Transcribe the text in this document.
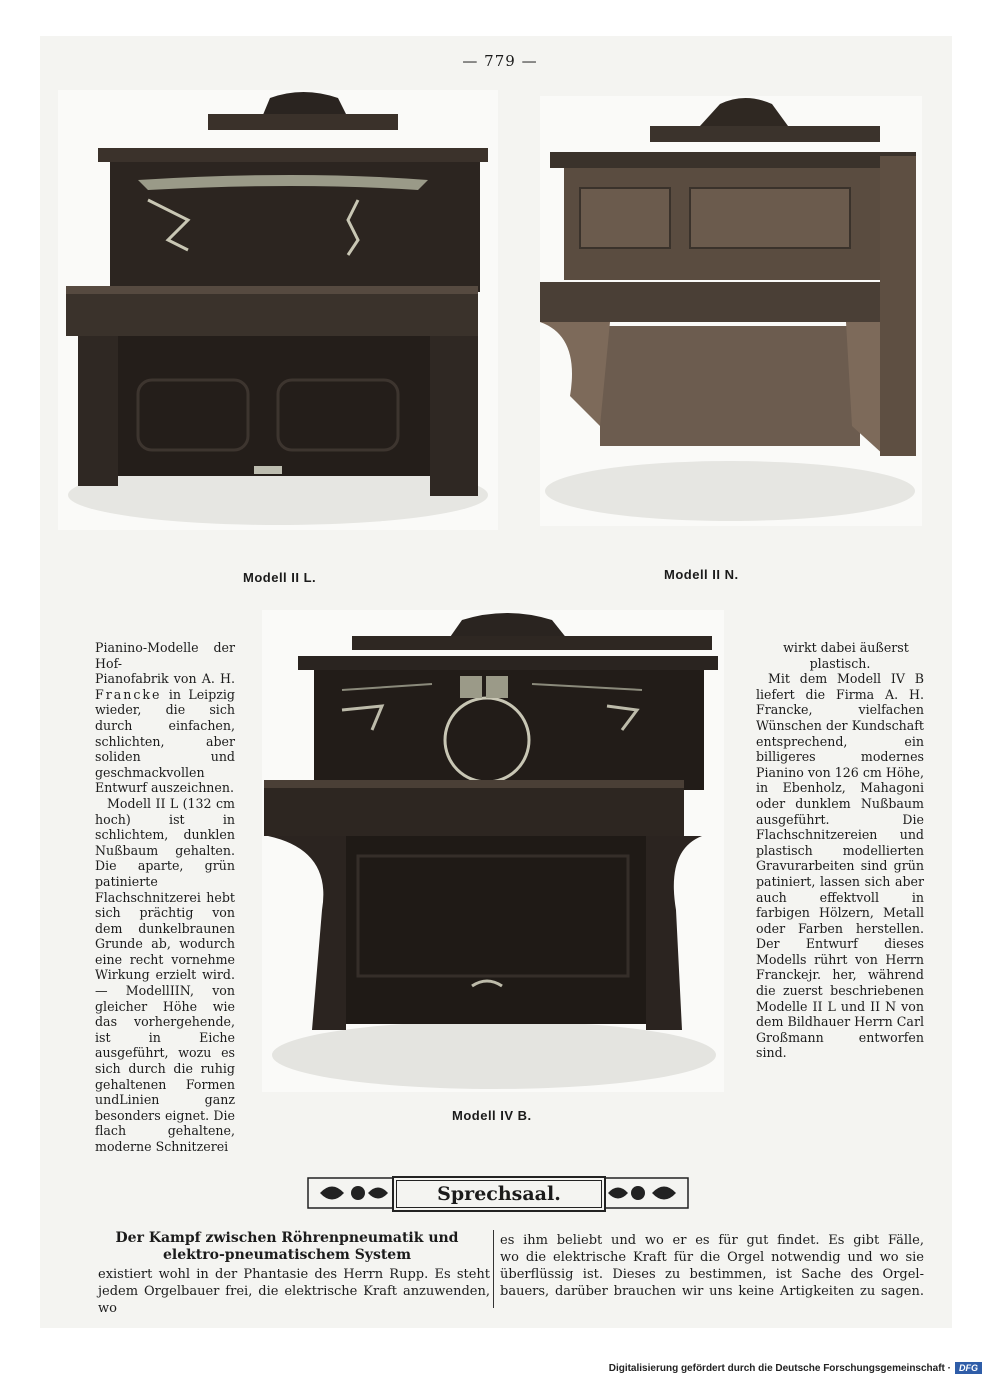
— 779 —
Modell II L.	Modell II N.
Modell IV B.

Pianino-Modelle der Hof-
Pianofabrik von A. H. Francke in Leipzig wieder, die sich durch einfachen, schlichten, aber soliden und geschmackvollen Entwurf auszeichnen.

Modell II L (132 cm hoch) ist in schlichtem, dunklen Nußbaum gehalten. Die aparte, grün patinierte Flachschnitzerei hebt sich prächtig von dem dunkelbraunen Grunde ab, wodurch eine recht vornehme Wirkung erzielt wird.— ModellIIN, von gleicher Höhe wie das vorhergehende, ist in Eiche ausgeführt, wozu es sich durch die ruhig gehaltenen Formen undLinien ganz besonders eignet. Die flach gehaltene, moderne Schnitzerei

wirkt dabei äußerst plastisch.

Mit dem Modell IV B liefert die Firma A. H. Francke, vielfachen Wünschen der Kundschaft entsprechend, ein billigeres modernes Pianino von 126 cm Höhe, in Ebenholz, Mahagoni oder dunklem Nußbaum ausgeführt. Die Flachschnitzereien und plastisch modellierten Gravurarbeiten sind grün patiniert, lassen sich aber auch effektvoll in farbigen Hölzern, Metall oder Farben herstellen. Der Entwurf dieses Modells rührt von Herrn Franckejr. her, während die zuerst beschriebenen Modelle II L und II N von dem Bildhauer Herrn Carl Großmann entworfen sind.

Sprechsaal.
Der Kampf zwischen Röhrenpneumatik und
elektro-pneumatischem System

existiert wohl in der Phantasie des Herrn Rupp. Es steht

jedem Orgelbauer frei, die elektrische Kraft anzuwenden, wo

es ihm beliebt und wo er es für gut findet. Es gibt Fälle,

wo die elektrische Kraft für die Orgel notwendig und wo sie

überflüssig ist. Dieses zu bestimmen, ist Sache des Orgel-

bauers, darüber brauchen wir uns keine Artigkeiten zu sagen.

Digitalisierung gefördert durch die Deutsche Forschungsgemeinschaft · DFG
